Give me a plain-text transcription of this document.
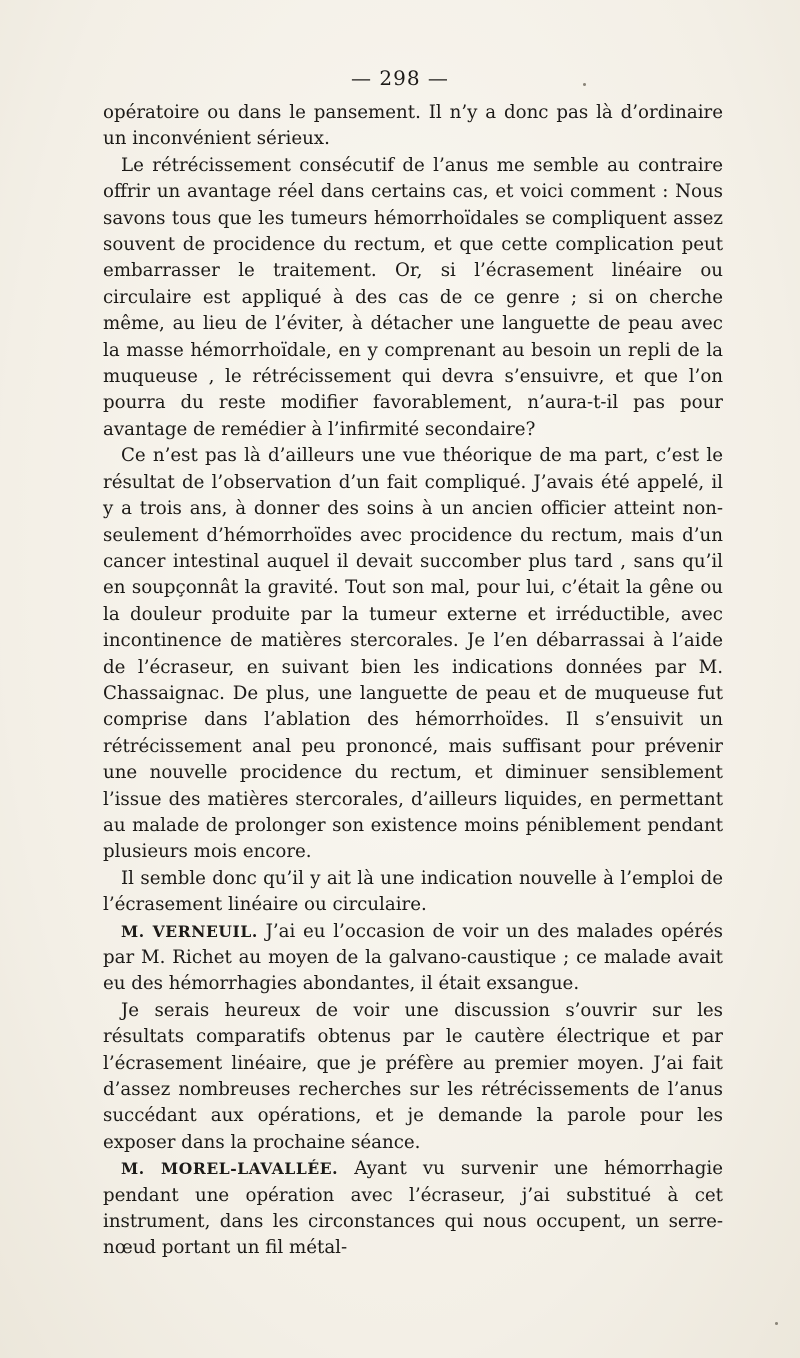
— 298 —

opératoire ou dans le pansement. Il n’y a donc pas là d’ordinaire un inconvénient sérieux.

Le rétrécissement consécutif de l’anus me semble au contraire offrir un avantage réel dans certains cas, et voici comment : Nous savons tous que les tumeurs hémorrhoïdales se compliquent assez souvent de procidence du rectum, et que cette complication peut embarrasser le traitement. Or, si l’écrasement linéaire ou circulaire est appliqué à des cas de ce genre ; si on cherche même, au lieu de l’éviter, à détacher une languette de peau avec la masse hémorrhoïdale, en y comprenant au besoin un repli de la muqueuse , le rétrécissement qui devra s’ensuivre, et que l’on pourra du reste modifier favorablement, n’aura-t-il pas pour avantage de remédier à l’infirmité secondaire?

Ce n’est pas là d’ailleurs une vue théorique de ma part, c’est le résultat de l’observation d’un fait compliqué. J’avais été appelé, il y a trois ans, à donner des soins à un ancien officier atteint non-seulement d’hémorrhoïdes avec procidence du rectum, mais d’un cancer intestinal auquel il devait succomber plus tard , sans qu’il en soupçonnât la gravité. Tout son mal, pour lui, c’était la gêne ou la douleur produite par la tumeur externe et irréductible, avec incontinence de matières stercorales. Je l’en débarrassai à l’aide de l’écraseur, en suivant bien les indications données par M. Chassaignac. De plus, une languette de peau et de muqueuse fut comprise dans l’ablation des hémorrhoïdes. Il s’ensuivit un rétrécissement anal peu prononcé, mais suffisant pour prévenir une nouvelle procidence du rectum, et diminuer sensiblement l’issue des matières stercorales, d’ailleurs liquides, en permettant au malade de prolonger son existence moins péniblement pendant plusieurs mois encore.

Il semble donc qu’il y ait là une indication nouvelle à l’emploi de l’écrasement linéaire ou circulaire.

M. VERNEUIL. J’ai eu l’occasion de voir un des malades opérés par M. Richet au moyen de la galvano-caustique ; ce malade avait eu des hémorrhagies abondantes, il était exsangue.

Je serais heureux de voir une discussion s’ouvrir sur les résultats comparatifs obtenus par le cautère électrique et par l’écrasement linéaire, que je préfère au premier moyen. J’ai fait d’assez nombreuses recherches sur les rétrécissements de l’anus succédant aux opérations, et je demande la parole pour les exposer dans la prochaine séance.

M. MOREL-LAVALLÉE. Ayant vu survenir une hémorrhagie pendant une opération avec l’écraseur, j’ai substitué à cet instrument, dans les circonstances qui nous occupent, un serre-nœud portant un fil métal-
